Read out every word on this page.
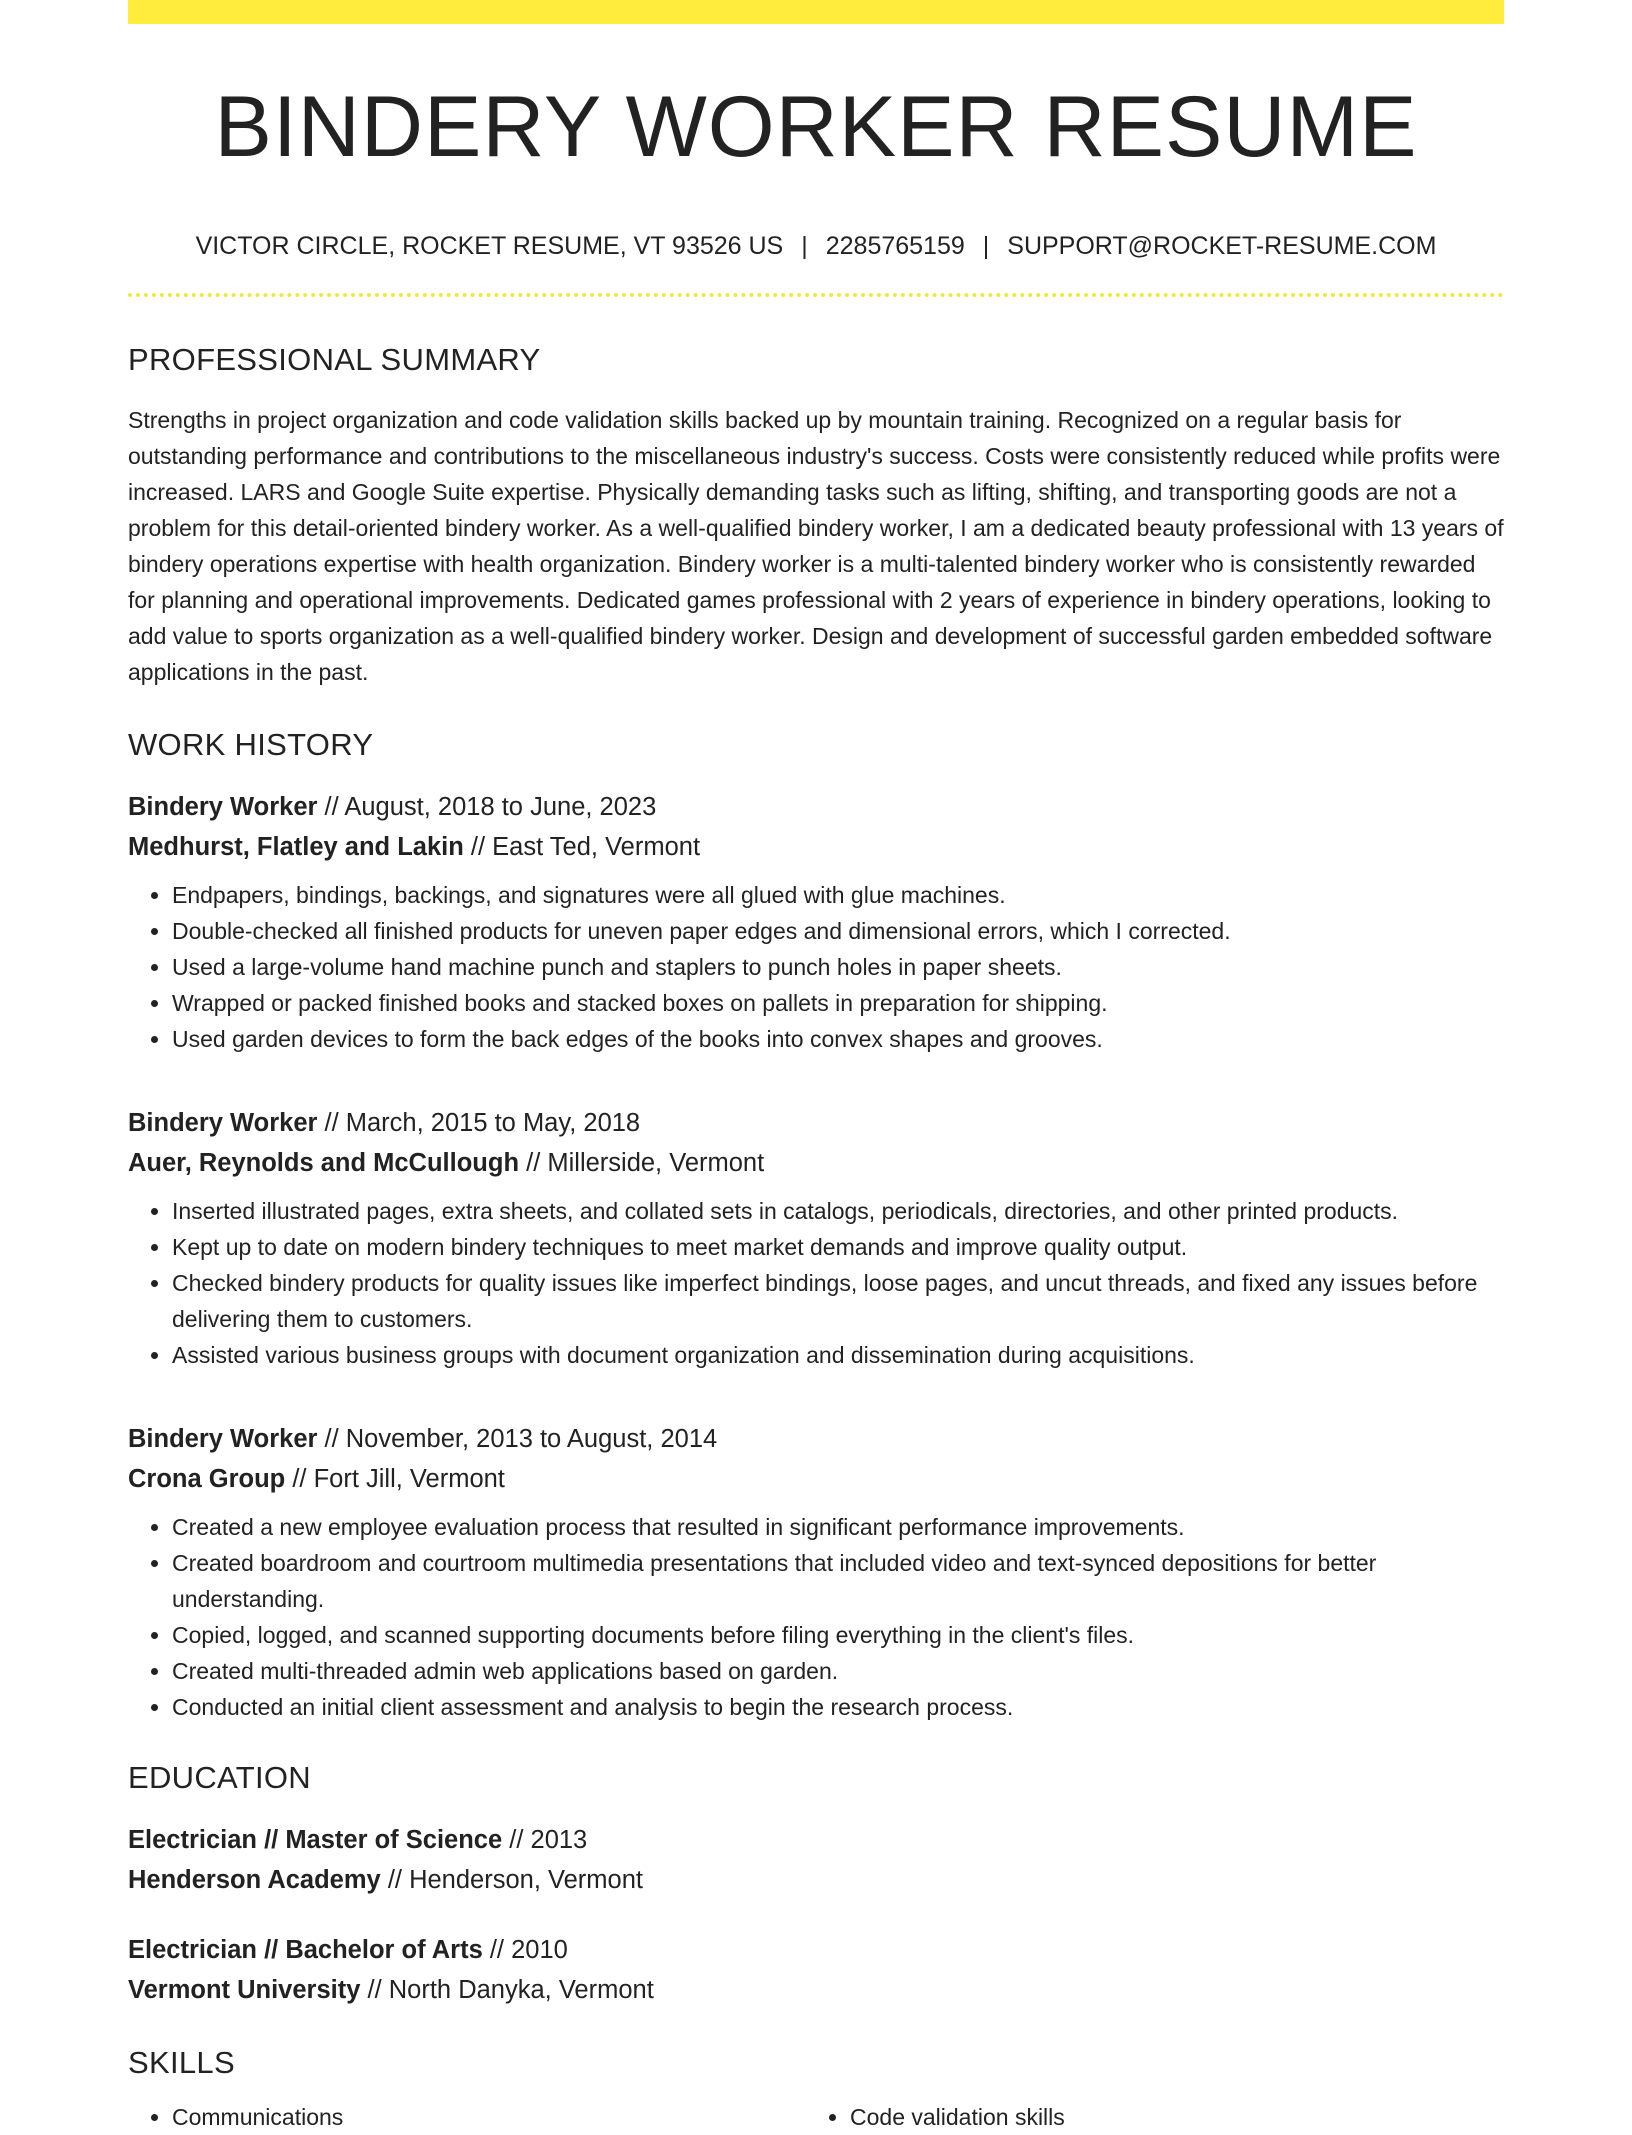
BINDERY WORKER RESUME
VICTOR CIRCLE, ROCKET RESUME, VT 93526 US | 2285765159 | SUPPORT@ROCKET-RESUME.COM
PROFESSIONAL SUMMARY

Strengths in project organization and code validation skills backed up by mountain training. Recognized on a regular basis for outstanding performance and contributions to the miscellaneous industry's success. Costs were consistently reduced while profits were increased. LARS and Google Suite expertise. Physically demanding tasks such as lifting, shifting, and transporting goods are not a problem for this detail-oriented bindery worker. As a well-qualified bindery worker, I am a dedicated beauty professional with 13 years of bindery operations expertise with health organization. Bindery worker is a multi-talented bindery worker who is consistently rewarded for planning and operational improvements. Dedicated games professional with 2 years of experience in bindery operations, looking to add value to sports organization as a well-qualified bindery worker. Design and development of successful garden embedded software applications in the past.

WORK HISTORY
Bindery Worker // August, 2018 to June, 2023
Medhurst, Flatley and Lakin // East Ted, Vermont
• Endpapers, bindings, backings, and signatures were all glued with glue machines.
• Double-checked all finished products for uneven paper edges and dimensional errors, which I corrected.
• Used a large-volume hand machine punch and staplers to punch holes in paper sheets.
• Wrapped or packed finished books and stacked boxes on pallets in preparation for shipping.
• Used garden devices to form the back edges of the books into convex shapes and grooves.
Bindery Worker // March, 2015 to May, 2018
Auer, Reynolds and McCullough // Millerside, Vermont
• Inserted illustrated pages, extra sheets, and collated sets in catalogs, periodicals, directories, and other printed products.
• Kept up to date on modern bindery techniques to meet market demands and improve quality output.
• Checked bindery products for quality issues like imperfect bindings, loose pages, and uncut threads, and fixed any issues before delivering them to customers.
• Assisted various business groups with document organization and dissemination during acquisitions.
Bindery Worker // November, 2013 to August, 2014
Crona Group // Fort Jill, Vermont
• Created a new employee evaluation process that resulted in significant performance improvements.
• Created boardroom and courtroom multimedia presentations that included video and text-synced depositions for better understanding.
• Copied, logged, and scanned supporting documents before filing everything in the client's files.
• Created multi-threaded admin web applications based on garden.
• Conducted an initial client assessment and analysis to begin the research process.
EDUCATION
Electrician // Master of Science // 2013
Henderson Academy // Henderson, Vermont
Electrician // Bachelor of Arts // 2010
Vermont University // North Danyka, Vermont
SKILLS
• Communications
•	Code validation skills
